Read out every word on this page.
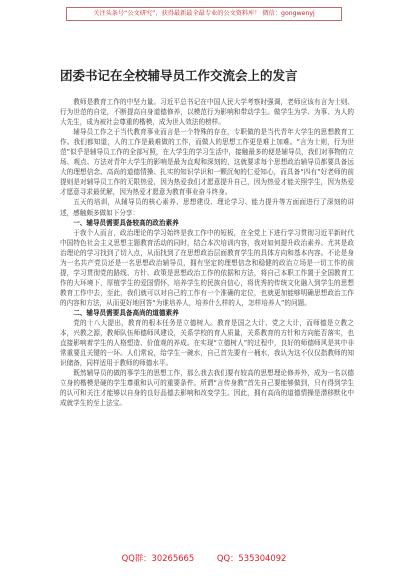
关注头条号“公文研究”，获得最新最全最专业的公文资料库！ 微信：gongwenyj
团委书记在全校辅导员工作交流会上的发言

教师是教育工作的中坚力量。习近平总书记在中国人民大学考察时强调，老师应该有言为士则、行为世范的自觉，不断提高自身道德修养，以模范行为影响和带动学生。做学生为学、为事、为人的大先生，成为被社会尊重的楷模，成为世人效法的榜样。

辅导员工作之于当代教育事业而言是一个特殊的存在，专职做的是当代青年大学生的思想教育工作。我们都知道，人的工作是最难做的工作，而做人的思想工作更是难上加难。“言为士则，行为世范”似乎是辅导员工作的全部写照，在大学生的学习生活中，接触最多的便是辅导员，我们对事物的立场、观点、方法对青年大学生的影响是最为直观和深刻的，这就要求每个思想政治辅导员都要具备远大的理想信念、高尚的道德情操、扎实的知识学识和一颗沉甸的仁爱知心，而具备“四有”好老师的前提则是对辅导员工作的无限热爱，因为热爱我们才愿意提升自己，因为热爱才能关照学生，因为热爱才愿意寻求最优解，因为热爱才愿意为教育事业奋斗终身。

五天的培训，从辅导员的核心素养、思想建设、理论学习、能力提升等方面面进行了深刻的讲述，感触颇多做如下分享：

一、辅导员需要具备较高的政治素养

于我个人而言，政治理论的学习始终是我工作中的短板，在全党上下进行学习贯彻习近平新时代中国特色社会主义思想主题教育活动的同时，结合本次培训内容，我对如何提升政治素养、尤其是政治理论的学习找到了切入点，从而找到了在思想政治层面教育学生的具体方向和基本内容。不论是身为一名共产党员还是一名思想政治辅导员，拥有坚定的理想信念和稳健的政治立场是一切工作的前提，学习贯彻党的路线、方针、政策是思想政治工作的依据和方法，将自己本职工作置于全国教育工作的大环境下，厚植学生的爱国情怀，培养学生的民族自信心，将优秀的传统文化融入到学生的思想教育工作中去，至此，我们就可以对自己的工作有一个准确的定位，也就更加能够明确思想政治工作的内容和方法，从而更好地回答“为谁培养人，培养什么样的人，怎样培养人”的问题。

二、辅导员需要具备高尚的道德素养

党的十八大提出，教育的根本任务是立德树人。教育是国之大计、党之大计，而师德是立教之本，兴教之源，教师队伍师德师风建设，关系学校的育人质量，关系教育的方针和方向能否落实，也直接影响着学生的人格塑造、价值观的养成。在实现“立德树人”的过程中，良好的师德师风是其中非常重要且关键的一环。人们常说，给学生一碗水，自己首先要有一桶水，我认为这不仅仅指教师的知识储备，同样适用于教师的师德水平。

既然辅导员的做的事学生的思想工作，那么我去我们要有较高的思想理论修养外，成为一名以德立身的楷模是硬的学生尊重和认可的重要条件。所谓“言传身教”首先自己要能够做到，只有得到学生的认可和关注才能够以自身的良好品德去影响和改变学生。因此，拥有高尚的道德情操是潜移默化中成就学生的至上法宝。

QQ群：30265665	QQ：535304092
